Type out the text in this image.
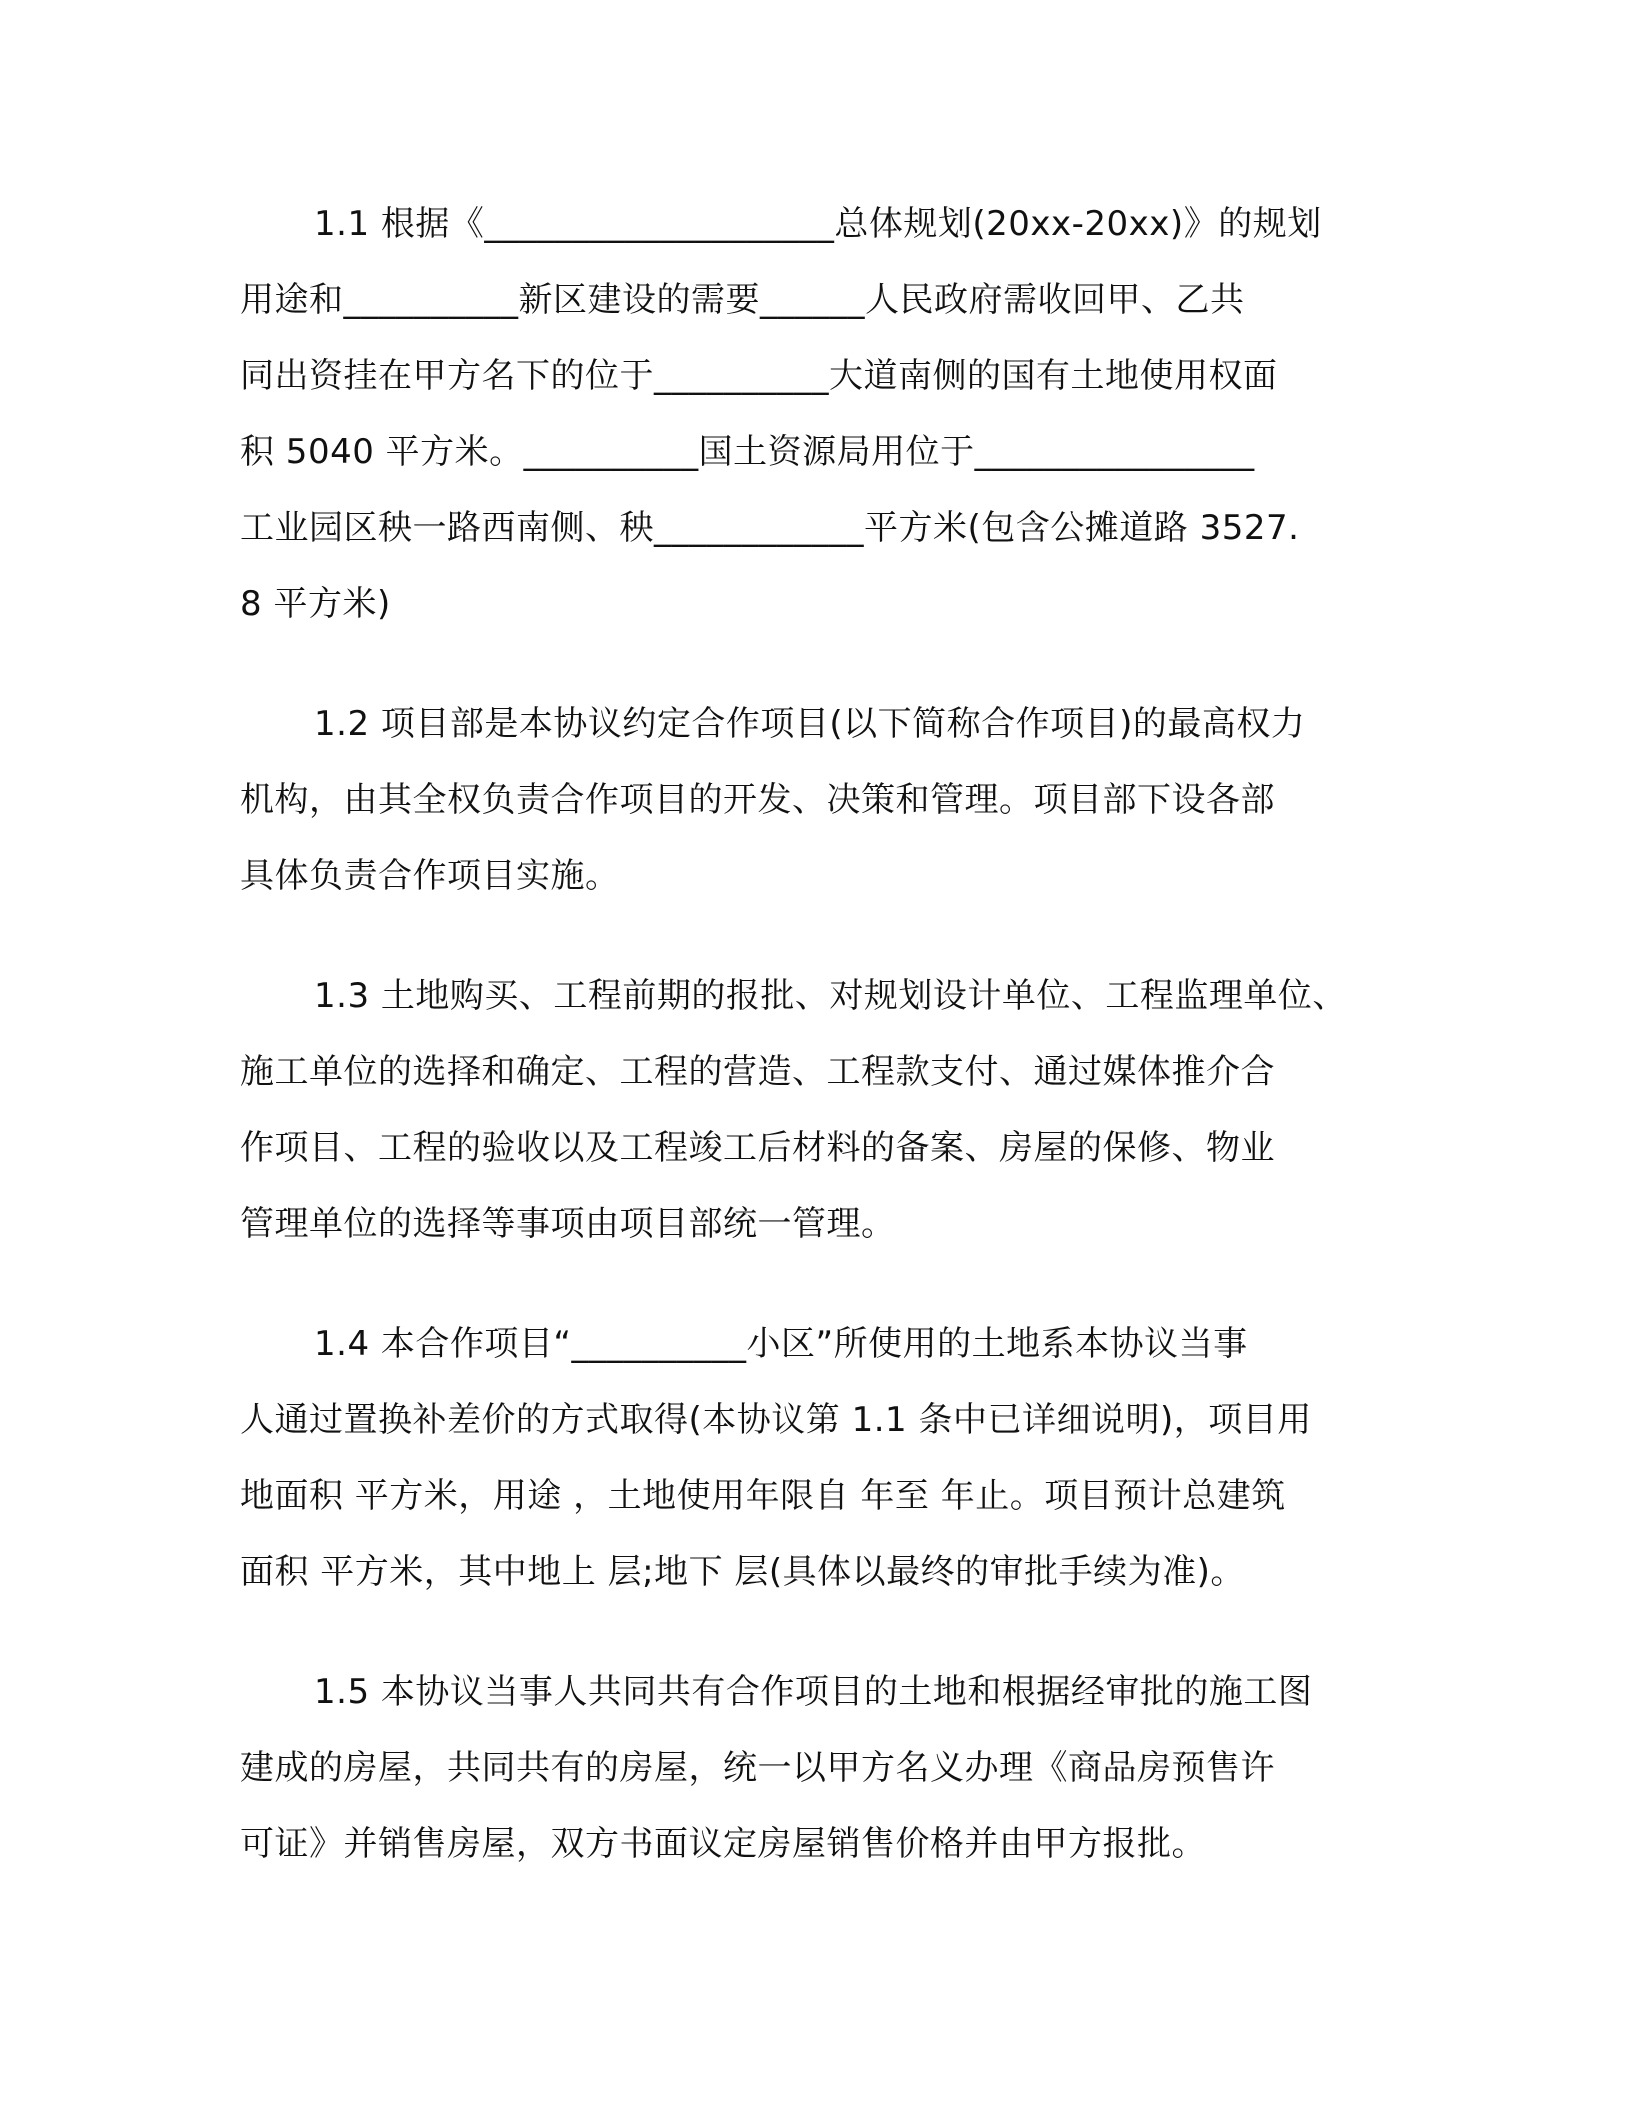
1.1 根据《____________________总体规划(20xx-20xx)》的规划
用途和__________新区建设的需要______人民政府需收回甲、乙共
同出资挂在甲方名下的位于__________大道南侧的国有土地使用权面
积 5040 平方米。__________国土资源局用位于________________
工业园区秧一路西南侧、秧____________平方米(包含公摊道路 3527.
8 平方米)
1.2 项目部是本协议约定合作项目(以下简称合作项目)的最高权力
机构，由其全权负责合作项目的开发、决策和管理。项目部下设各部
具体负责合作项目实施。
1.3 土地购买、工程前期的报批、对规划设计单位、工程监理单位、
施工单位的选择和确定、工程的营造、工程款支付、通过媒体推介合
作项目、工程的验收以及工程竣工后材料的备案、房屋的保修、物业
管理单位的选择等事项由项目部统一管理。
1.4 本合作项目“__________小区”所使用的土地系本协议当事
人通过置换补差价的方式取得(本协议第 1.1 条中已详细说明)，项目用
地面积 平方米，用途 ，土地使用年限自 年至 年止。项目预计总建筑
面积 平方米，其中地上 层;地下 层(具体以最终的审批手续为准)。
1.5 本协议当事人共同共有合作项目的土地和根据经审批的施工图
建成的房屋，共同共有的房屋，统一以甲方名义办理《商品房预售许
可证》并销售房屋，双方书面议定房屋销售价格并由甲方报批。
